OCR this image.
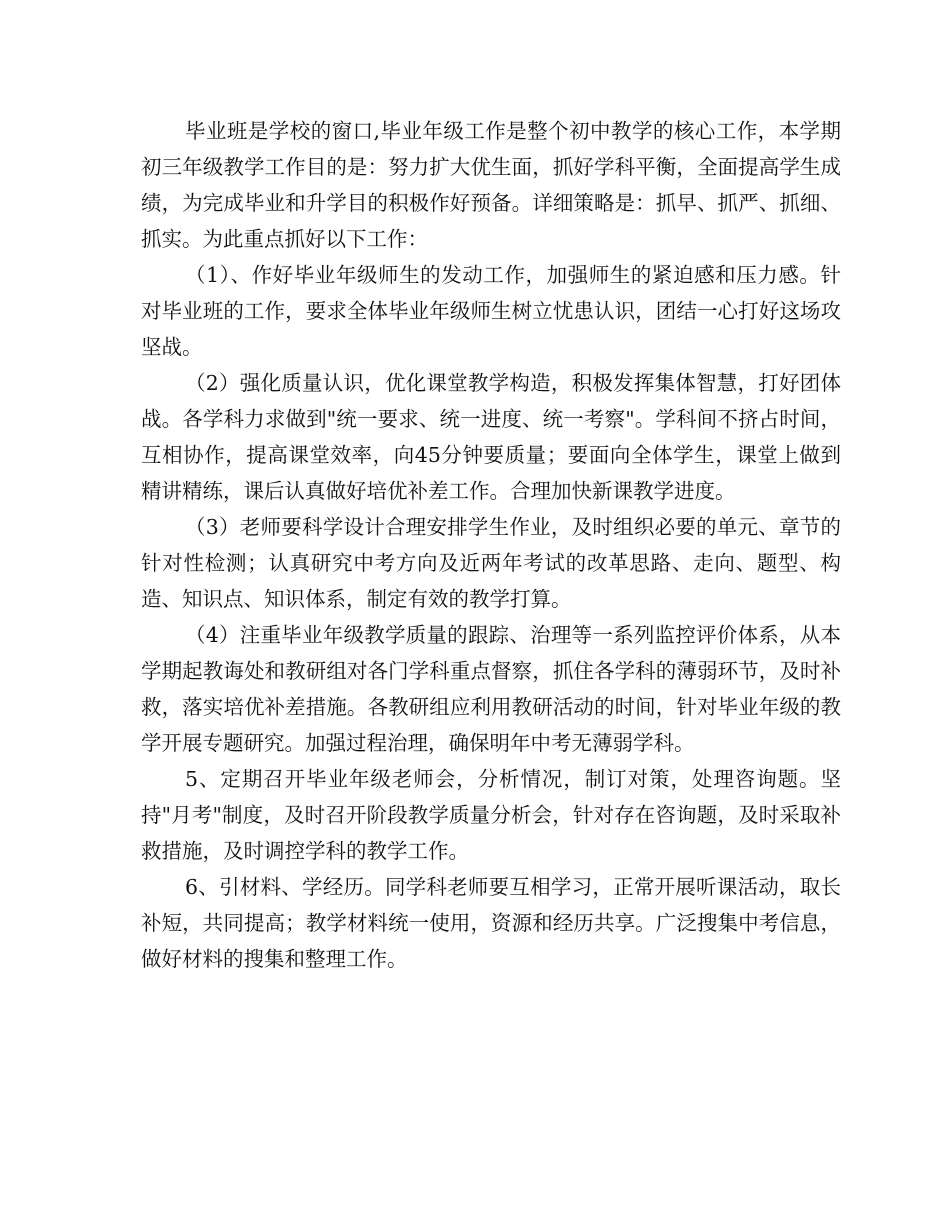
毕业班是学校的窗口,毕业年级工作是整个初中教学的核心工作，本学期初三年级教学工作目的是：努力扩大优生面，抓好学科平衡，全面提高学生成绩，为完成毕业和升学目的积极作好预备。详细策略是：抓早、抓严、抓细、抓实。为此重点抓好以下工作：

（1）、作好毕业年级师生的发动工作，加强师生的紧迫感和压力感。针对毕业班的工作，要求全体毕业年级师生树立忧患认识，团结一心打好这场攻坚战。

（2）强化质量认识，优化课堂教学构造，积极发挥集体智慧，打好团体战。各学科力求做到"统一要求、统一进度、统一考察"。学科间不挤占时间，互相协作，提高课堂效率，向45分钟要质量；要面向全体学生，课堂上做到精讲精练，课后认真做好培优补差工作。合理加快新课教学进度。

（3）老师要科学设计合理安排学生作业，及时组织必要的单元、章节的针对性检测；认真研究中考方向及近两年考试的改革思路、走向、题型、构造、知识点、知识体系，制定有效的教学打算。

（4）注重毕业年级教学质量的跟踪、治理等一系列监控评价体系，从本学期起教诲处和教研组对各门学科重点督察，抓住各学科的薄弱环节，及时补救，落实培优补差措施。各教研组应利用教研活动的时间，针对毕业年级的教学开展专题研究。加强过程治理，确保明年中考无薄弱学科。

5、定期召开毕业年级老师会，分析情况，制订对策，处理咨询题。坚持"月考"制度，及时召开阶段教学质量分析会，针对存在咨询题，及时采取补救措施，及时调控学科的教学工作。

6、引材料、学经历。同学科老师要互相学习，正常开展听课活动，取长补短，共同提高；教学材料统一使用，资源和经历共享。广泛搜集中考信息，做好材料的搜集和整理工作。
